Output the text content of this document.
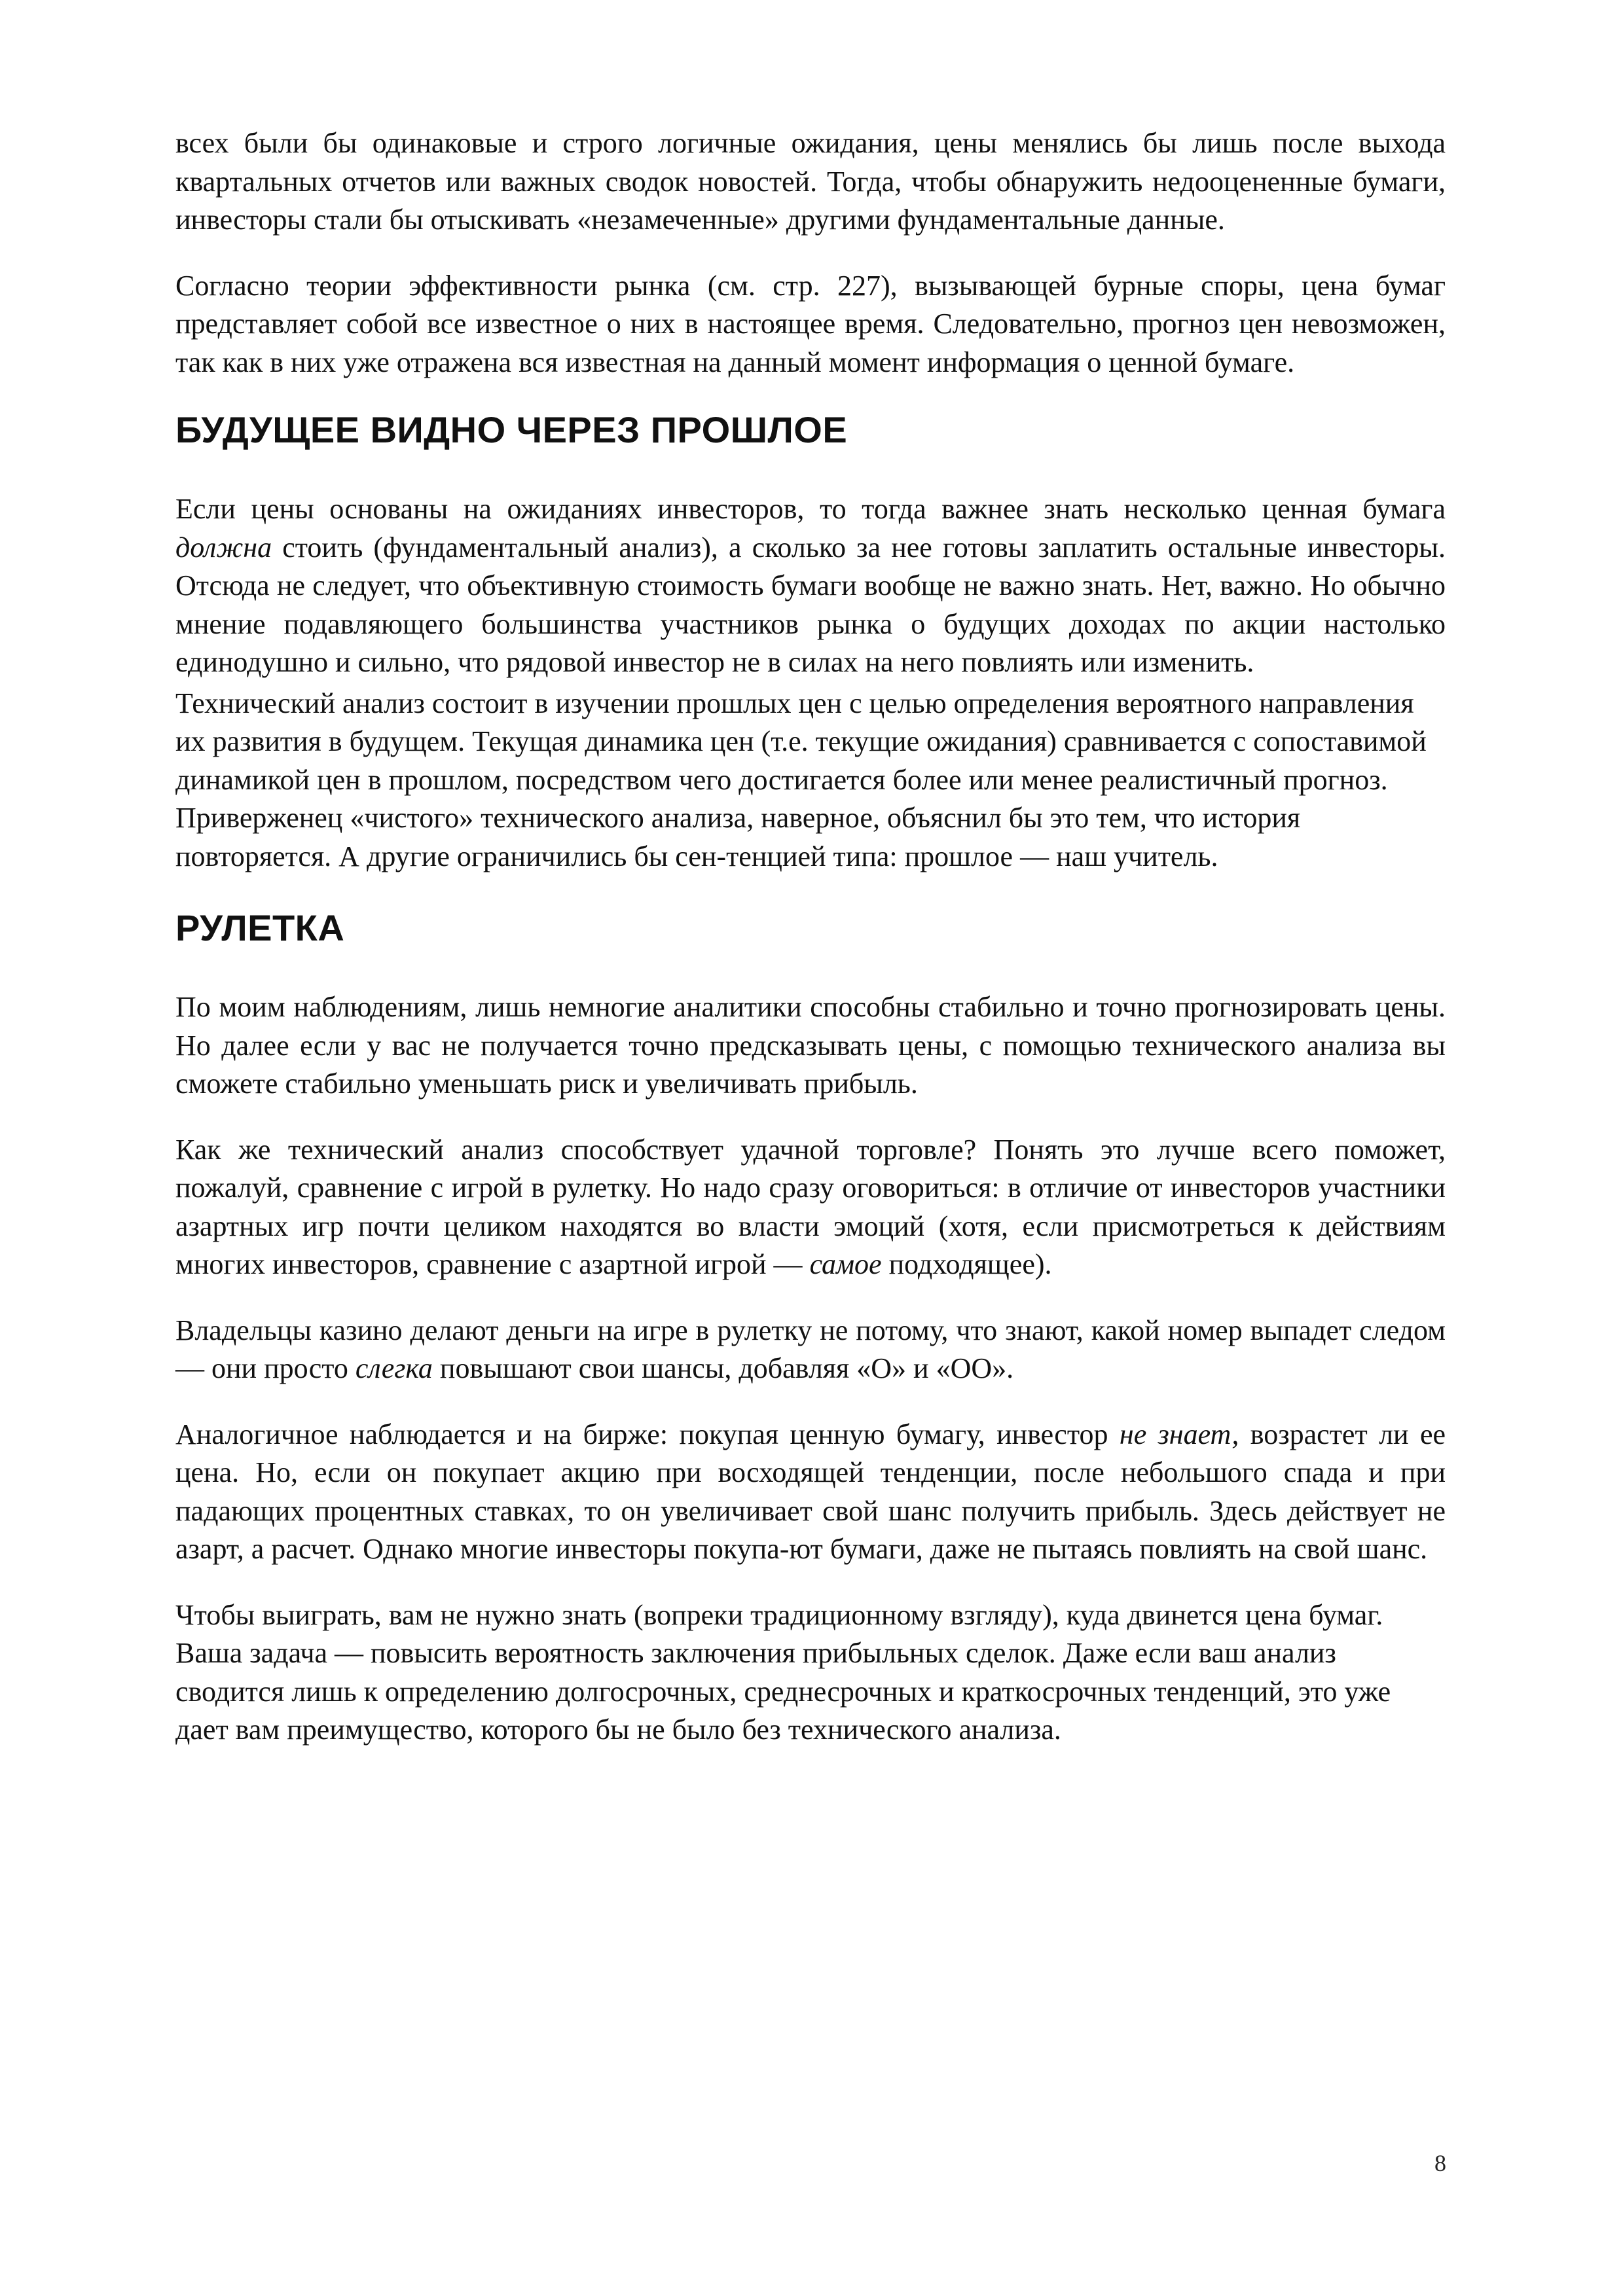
всех были бы одинаковые и строго логичные ожидания, цены менялись бы лишь после выхода квартальных отчетов или важных сводок новостей. Тогда, чтобы обнаружить недооцененные бумаги, инвесторы стали бы отыскивать «незамеченные» другими фундаментальные данные.

Согласно теории эффективности рынка (см. стр. 227), вызывающей бурные споры, цена бумаг представляет собой все известное о них в настоящее время. Следовательно, прогноз цен невозможен, так как в них уже отражена вся известная на данный момент информация о ценной бумаге.

БУДУЩЕЕ ВИДНО ЧЕРЕЗ ПРОШЛОЕ

Если цены основаны на ожиданиях инвесторов, то тогда важнее знать несколько ценная бумага должна стоить (фундаментальный анализ), а сколько за нее готовы заплатить остальные инвесторы. Отсюда не следует, что объективную стоимость бумаги вообще не важно знать. Нет, важно. Но обычно мнение подавляющего большинства участников рынка о будущих доходах по акции настолько единодушно и сильно, что рядовой инвестор не в силах на него повлиять или изменить.

Технический анализ состоит в изучении прошлых цен с целью определения вероятного направления их развития в будущем. Текущая динамика цен (т.е. текущие ожидания) сравнивается с сопоставимой динамикой цен в прошлом, посредством чего достигается более или менее реалистичный прогноз. Приверженец «чистого» технического анализа, наверное, объяснил бы это тем, что история повторяется. А другие ограничились бы сен-тенцией типа: прошлое — наш учитель.

РУЛЕТКА

По моим наблюдениям, лишь немногие аналитики способны стабильно и точно прогнозировать цены. Но далее если у вас не получается точно предсказывать цены, с помощью технического анализа вы сможете стабильно уменьшать риск и увеличивать прибыль.

Как же технический анализ способствует удачной торговле? Понять это лучше всего поможет, пожалуй, сравнение с игрой в рулетку. Но надо сразу оговориться: в отличие от инвесторов участники азартных игр почти целиком находятся во власти эмоций (хотя, если присмотреться к действиям многих инвесторов, сравнение с азартной игрой — самое подходящее).

Владельцы казино делают деньги на игре в рулетку не потому, что знают, какой номер выпадет следом — они просто слегка повышают свои шансы, добавляя «О» и «ОО».

Аналогичное наблюдается и на бирже: покупая ценную бумагу, инвестор не знает, возрастет ли ее цена. Но, если он покупает акцию при восходящей тенденции, после небольшого спада и при падающих процентных ставках, то он увеличивает свой шанс получить прибыль. Здесь действует не азарт, а расчет. Однако многие инвесторы покупа-ют бумаги, даже не пытаясь повлиять на свой шанс.

Чтобы выиграть, вам не нужно знать (вопреки традиционному взгляду), куда двинется цена бумаг. Ваша задача — повысить вероятность заключения прибыльных сделок. Даже если ваш анализ сводится лишь к определению долгосрочных, среднесрочных и краткосрочных тенденций, это уже дает вам преимущество, которого бы не было без технического анализа.

8
